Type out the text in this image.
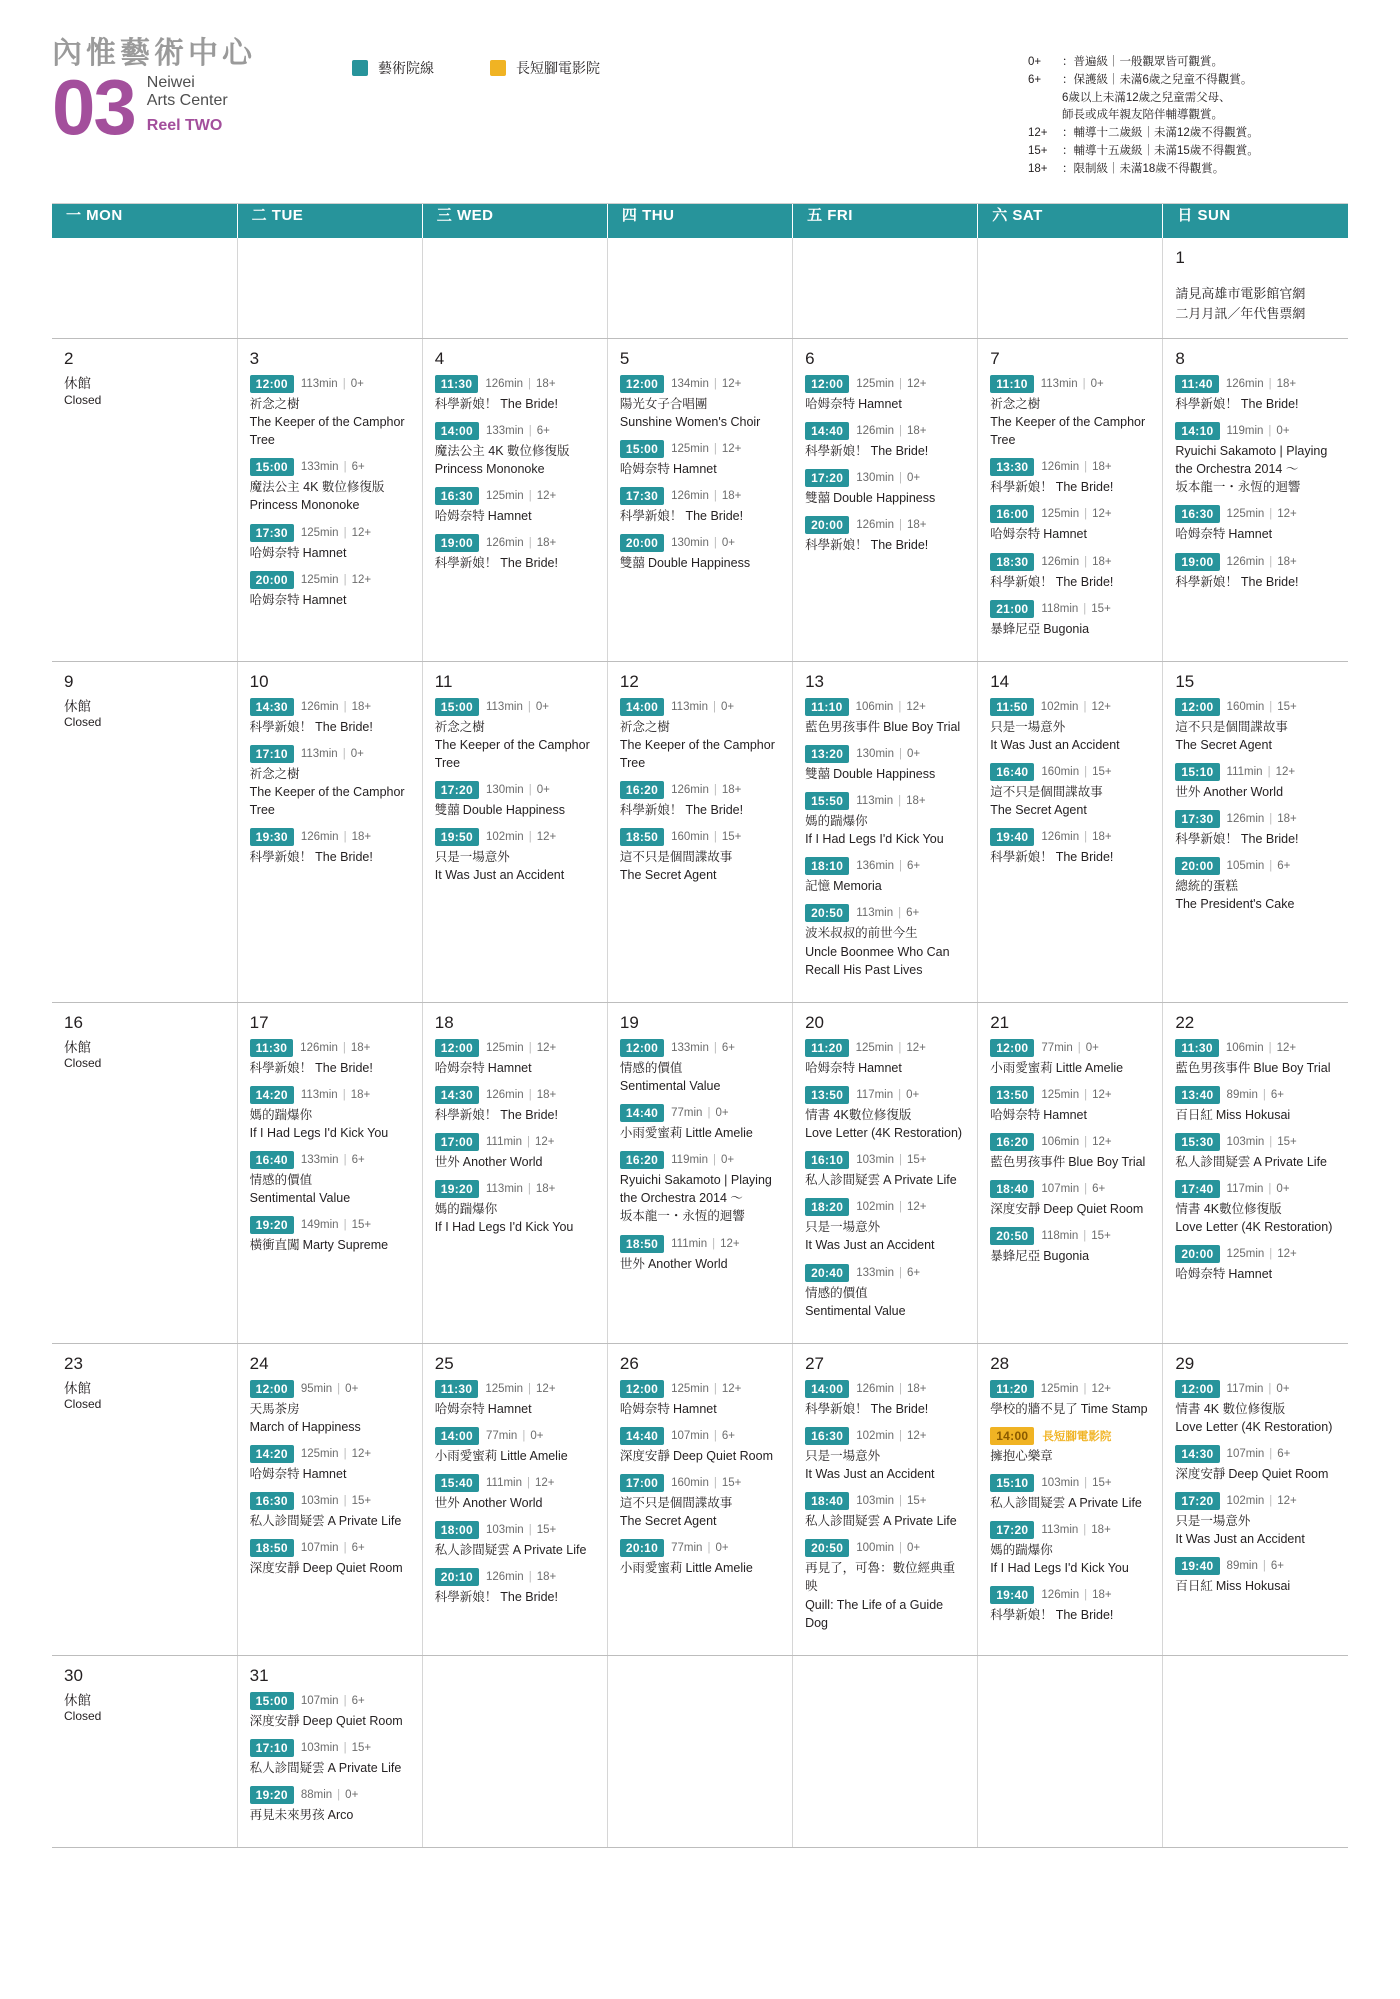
內惟藝術中心
03 Neiwei
Arts Center
Reel TWO
藝術院線	長短腳電影院	0+	：普遍級｜一般觀眾皆可觀賞。
6+	：保護級｜未滿6歲之兒童不得觀賞。
6歲以上未滿12歲之兒童需父母、
師長或成年親友陪伴輔導觀賞。
12+	：輔導十二歲級｜未滿12歲不得觀賞。
15+	：輔導十五歲級｜未滿15歲不得觀賞。
18+	：限制級｜未滿18歲不得觀賞。
一 MON	二 TUE	三 WED	四 THU	五 FRI	六 SAT	日 SUN

						1
請見高雄市電影館官網
二月月訊／年代售票網

2
休館
Closed

3
12:00	113min | 0+
祈念之樹
The Keeper of the Camphor Tree
15:00	133min | 6+
魔法公主 4K 數位修復版
Princess Mononoke
17:30	125min | 12+
哈姆奈特 Hamnet
20:00	125min | 12+
哈姆奈特 Hamnet

4
11:30	126min | 18+
科學新娘！ The Bride!
14:00	133min | 6+
魔法公主 4K 數位修復版
Princess Mononoke
16:30	125min | 12+
哈姆奈特 Hamnet
19:00	126min | 18+
科學新娘！ The Bride!

5
12:00	134min | 12+
陽光女子合唱團
Sunshine Women's Choir
15:00	125min | 12+
哈姆奈特 Hamnet
17:30	126min | 18+
科學新娘！ The Bride!
20:00	130min | 0+
雙囍 Double Happiness

6
12:00	125min | 12+
哈姆奈特 Hamnet
14:40	126min | 18+
科學新娘！ The Bride!
17:20	130min | 0+
雙囍 Double Happiness
20:00	126min | 18+
科學新娘！ The Bride!

7
11:10	113min | 0+
祈念之樹
The Keeper of the Camphor Tree
13:30	126min | 18+
科學新娘！ The Bride!
16:00	125min | 12+
哈姆奈特 Hamnet
18:30	126min | 18+
科學新娘！ The Bride!
21:00	118min | 15+
暴蜂尼亞 Bugonia

8
11:40	126min | 18+
科學新娘！ The Bride!
14:10	119min | 0+
Ryuichi Sakamoto | Playing the Orchestra 2014 〜
坂本龍一・永恆的迴響
16:30	125min | 12+
哈姆奈特 Hamnet
19:00	126min | 18+
科學新娘！ The Bride!

9
休館
Closed

10
14:30	126min | 18+
科學新娘！ The Bride!
17:10	113min | 0+
祈念之樹
The Keeper of the Camphor Tree
19:30	126min | 18+
科學新娘！ The Bride!

11
15:00	113min | 0+
祈念之樹
The Keeper of the Camphor Tree
17:20	130min | 0+
雙囍 Double Happiness
19:50	102min | 12+
只是一場意外
It Was Just an Accident

12
14:00	113min | 0+
祈念之樹
The Keeper of the Camphor Tree
16:20	126min | 18+
科學新娘！ The Bride!
18:50	160min | 15+
這不只是個間諜故事
The Secret Agent

13
11:10	106min | 12+
藍色男孩事件 Blue Boy Trial
13:20	130min | 0+
雙囍 Double Happiness
15:50	113min | 18+
媽的踹爆你
If I Had Legs I'd Kick You
18:10	136min | 6+
記憶 Memoria
20:50	113min | 6+
波米叔叔的前世今生
Uncle Boonmee Who Can Recall His Past Lives

14
11:50	102min | 12+
只是一場意外
It Was Just an Accident
16:40	160min | 15+
這不只是個間諜故事
The Secret Agent
19:40	126min | 18+
科學新娘！ The Bride!

15
12:00	160min | 15+
這不只是個間諜故事
The Secret Agent
15:10	111min | 12+
世外 Another World
17:30	126min | 18+
科學新娘！ The Bride!
20:00	105min | 6+
總統的蛋糕
The President's Cake

16
休館
Closed

17
11:30	126min | 18+
科學新娘！ The Bride!
14:20	113min | 18+
媽的踹爆你
If I Had Legs I'd Kick You
16:40	133min | 6+
情感的價值
Sentimental Value
19:20	149min | 15+
橫衝直闖 Marty Supreme

18
12:00	125min | 12+
哈姆奈特 Hamnet
14:30	126min | 18+
科學新娘！ The Bride!
17:00	111min | 12+
世外 Another World
19:20	113min | 18+
媽的踹爆你
If I Had Legs I'd Kick You

19
12:00	133min | 6+
情感的價值
Sentimental Value
14:40	77min | 0+
小雨愛蜜莉 Little Amelie
16:20	119min | 0+
Ryuichi Sakamoto | Playing the Orchestra 2014 〜
坂本龍一・永恆的迴響
18:50	111min | 12+
世外 Another World

20
11:20	125min | 12+
哈姆奈特 Hamnet
13:50	117min | 0+
情書 4K數位修復版
Love Letter (4K Restoration)
16:10	103min | 15+
私人診間疑雲 A Private Life
18:20	102min | 12+
只是一場意外
It Was Just an Accident
20:40	133min | 6+
情感的價值
Sentimental Value

21
12:00	77min | 0+
小雨愛蜜莉 Little Amelie
13:50	125min | 12+
哈姆奈特 Hamnet
16:20	106min | 12+
藍色男孩事件 Blue Boy Trial
18:40	107min | 6+
深度安靜 Deep Quiet Room
20:50	118min | 15+
暴蜂尼亞 Bugonia

22
11:30	106min | 12+
藍色男孩事件 Blue Boy Trial
13:40	89min | 6+
百日紅 Miss Hokusai
15:30	103min | 15+
私人診間疑雲 A Private Life
17:40	117min | 0+
情書 4K數位修復版
Love Letter (4K Restoration)
20:00	125min | 12+
哈姆奈特 Hamnet

23
休館
Closed

24
12:00	95min | 0+
天馬茶房
March of Happiness
14:20	125min | 12+
哈姆奈特 Hamnet
16:30	103min | 15+
私人診間疑雲 A Private Life
18:50	107min | 6+
深度安靜 Deep Quiet Room

25
11:30	125min | 12+
哈姆奈特 Hamnet
14:00	77min | 0+
小雨愛蜜莉 Little Amelie
15:40	111min | 12+
世外 Another World
18:00	103min | 15+
私人診間疑雲 A Private Life
20:10	126min | 18+
科學新娘！ The Bride!

26
12:00	125min | 12+
哈姆奈特 Hamnet
14:40	107min | 6+
深度安靜 Deep Quiet Room
17:00	160min | 15+
這不只是個間諜故事
The Secret Agent
20:10	77min | 0+
小雨愛蜜莉 Little Amelie

27
14:00	126min | 18+
科學新娘！ The Bride!
16:30	102min | 12+
只是一場意外
It Was Just an Accident
18:40	103min | 15+
私人診間疑雲 A Private Life
20:50	100min | 0+
再見了，可魯：數位經典重映
Quill: The Life of a Guide Dog

28
11:20	125min | 12+
學校的牆不見了 Time Stamp
14:00	長短腳電影院
擁抱心樂章
15:10	103min | 15+
私人診間疑雲 A Private Life
17:20	113min | 18+
媽的踹爆你
If I Had Legs I'd Kick You
19:40	126min | 18+
科學新娘！ The Bride!

29
12:00	117min | 0+
情書 4K 數位修復版
Love Letter (4K Restoration)
14:30	107min | 6+
深度安靜 Deep Quiet Room
17:20	102min | 12+
只是一場意外
It Was Just an Accident
19:40	89min | 6+
百日紅 Miss Hokusai

30
休館
Closed

31
15:00	107min | 6+
深度安靜 Deep Quiet Room
17:10	103min | 15+
私人診間疑雲 A Private Life
19:20	88min | 0+
再見未來男孩 Arco
